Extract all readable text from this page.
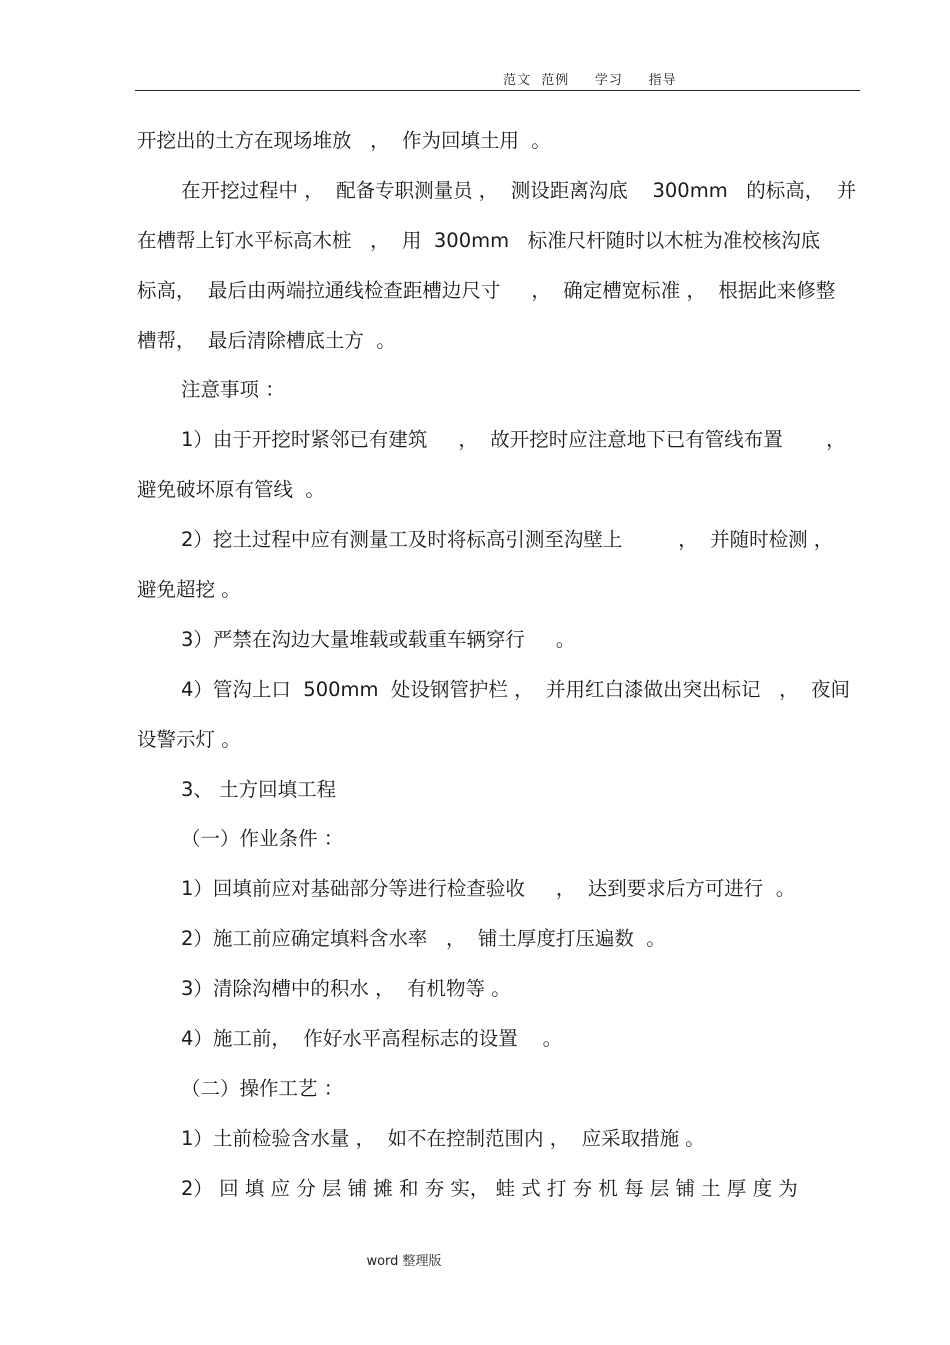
范文  范例     学习     指导
开挖出的土方在现场堆放   ，  作为回填土用  。
在开挖过程中 ，  配备专职测量员 ，  测设距离沟底    300mm   的标高，  并
在槽帮上钉水平标高木桩   ，  用  300mm   标准尺杆随时以木桩为准校核沟底
标高，  最后由两端拉通线检查距槽边尺寸     ，  确定槽宽标准 ，  根据此来修整
槽帮，  最后清除槽底土方  。
注意事项 ：
1）由于开挖时紧邻已有建筑     ，  故开挖时应注意地下已有管线布置       ，
避免破坏原有管线  。
2）挖土过程中应有测量工及时将标高引测至沟壁上         ，  并随时检测 ，
避免超挖 。
3）严禁在沟边大量堆载或载重车辆穿行     。
4）管沟上口  500mm  处设钢管护栏 ，  并用红白漆做出突出标记   ，  夜间
设警示灯 。
3、 土方回填工程
（一）作业条件 ：
1）回填前应对基础部分等进行检查验收     ，  达到要求后方可进行  。
2）施工前应确定填料含水率   ，  铺土厚度打压遍数  。
3）清除沟槽中的积水 ，  有机物等 。
4）施工前，  作好水平高程标志的设置    。
（二）操作工艺 ：
1）土前检验含水量 ，  如不在控制范围内 ，  应采取措施 。
2） 回 填 应 分 层 铺 摊 和 夯 实， 蛙 式 打 夯 机 每 层 铺 土 厚 度 为
word 整理版
